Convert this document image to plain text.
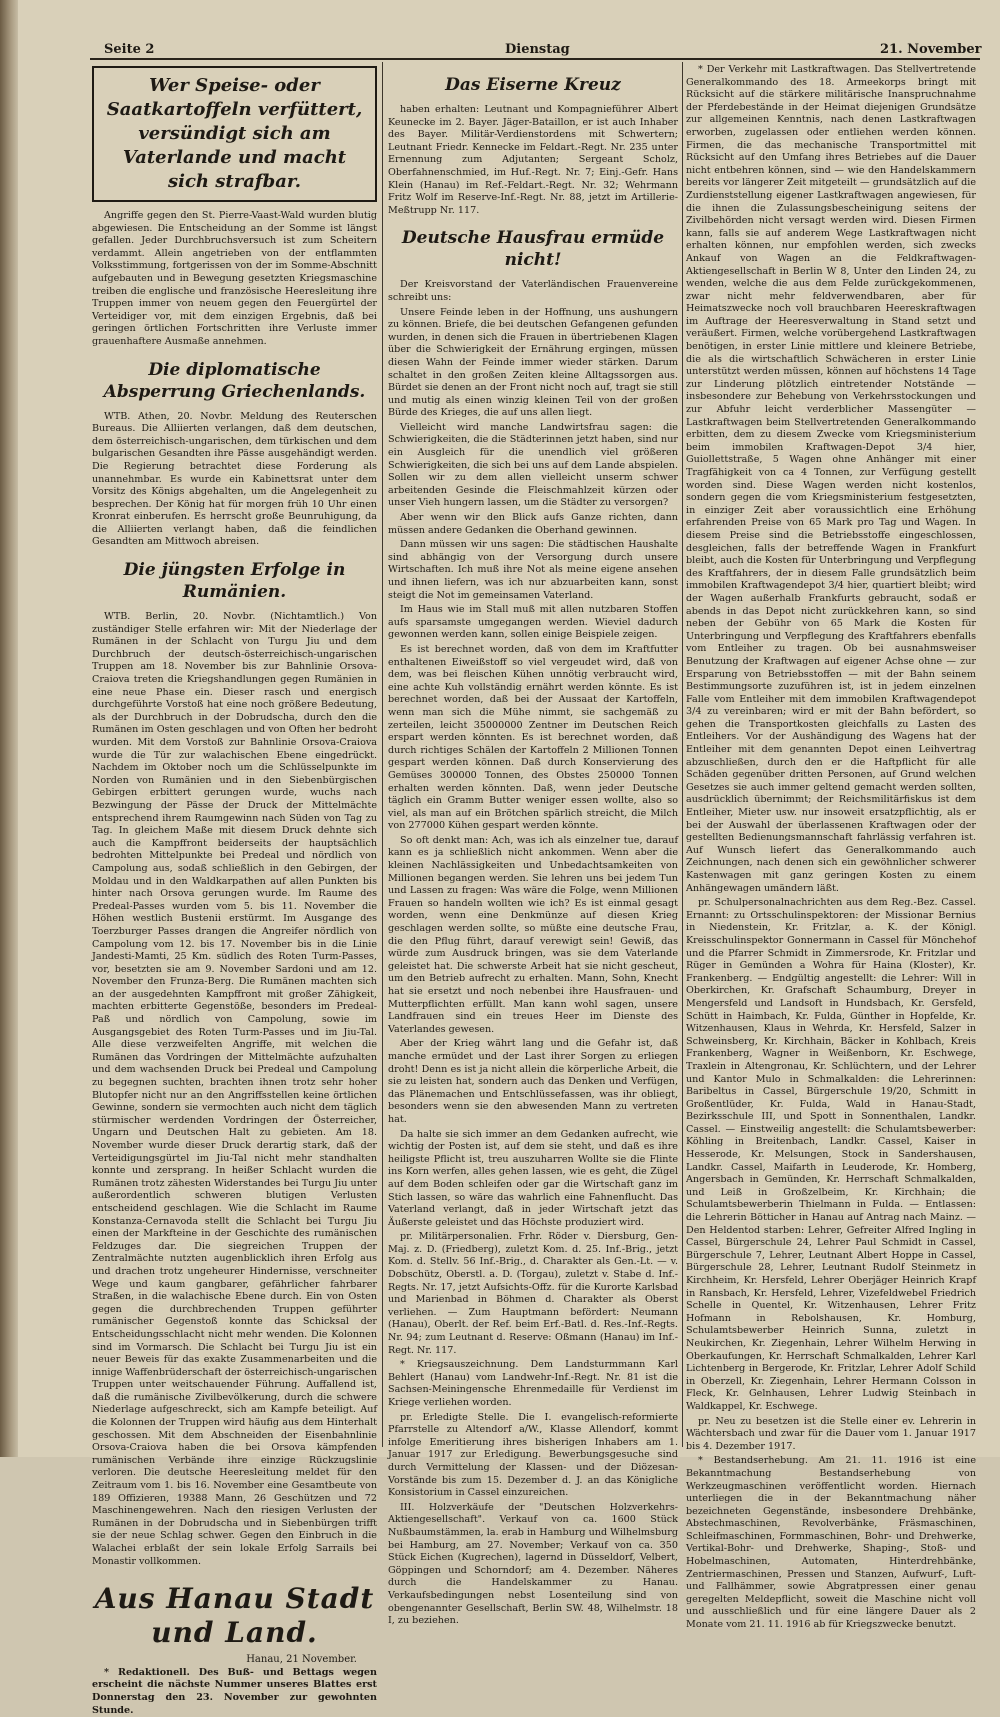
Seite 2	Dienstag	21. November
Wer Speise- oder Saatkartoffeln verfüttert, versündigt sich am Vaterlande und macht sich strafbar.

Angriffe gegen den St. Pierre-Vaast-Wald wurden blutig abgewiesen. Die Entscheidung an der Somme ist längst gefallen. Jeder Durchbruchsversuch ist zum Scheitern verdammt. Allein angetrieben von der entflammten Volksstimmung, fortgerissen von der im Somme-Abschnitt aufgebauten und in Bewegung gesetzten Kriegsmaschine treiben die englische und französische Heeresleitung ihre Truppen immer von neuem gegen den Feuergürtel der Verteidiger vor, mit dem einzigen Ergebnis, daß bei geringen örtlichen Fortschritten ihre Verluste immer grauenhaftere Ausmaße annehmen.

Die diplomatische Absperrung Griechenlands.

WTB. Athen, 20. Novbr. Meldung des Reuterschen Bureaus. Die Alliierten verlangen, daß dem deutschen, dem österreichisch-ungarischen, dem türkischen und dem bulgarischen Gesandten ihre Pässe ausgehändigt werden. Die Regierung betrachtet diese Forderung als unannehmbar. Es wurde ein Kabinettsrat unter dem Vorsitz des Königs abgehalten, um die Angelegenheit zu besprechen. Der König hat für morgen früh 10 Uhr einen Kronrat einberufen. Es herrscht große Beunruhigung, da die Alliierten verlangt haben, daß die feindlichen Gesandten am Mittwoch abreisen.

Die jüngsten Erfolge in Rumänien.

WTB. Berlin, 20. Novbr. (Nichtamtlich.) Von zuständiger Stelle erfahren wir: Mit der Niederlage der Rumänen in der Schlacht von Turgu Jiu und dem Durchbruch der deutsch-österreichisch-ungarischen Truppen am 18. November bis zur Bahnlinie Orsova-Craiova treten die Kriegshandlungen gegen Rumänien in eine neue Phase ein. Dieser rasch und energisch durchgeführte Vorstoß hat eine noch größere Bedeutung, als der Durchbruch in der Dobrudscha, durch den die Rumänen im Osten geschlagen und von Often her bedroht wurden. Mit dem Vorstoß zur Bahnlinie Orsova-Craiova wurde die Tür zur walachischen Ebene eingedrückt. Nachdem im Oktober noch um die Schlüsselpunkte im Norden von Rumänien und in den Siebenbürgischen Gebirgen erbittert gerungen wurde, wuchs nach Bezwingung der Pässe der Druck der Mittelmächte entsprechend ihrem Raumgewinn nach Süden von Tag zu Tag. In gleichem Maße mit diesem Druck dehnte sich auch die Kampffront beiderseits der hauptsächlich bedrohten Mittelpunkte bei Predeal und nördlich von Campolung aus, sodaß schließlich in den Gebirgen, der Moldau und in den Waldkarpathen auf allen Punkten bis hinter nach Orsova gerungen wurde. Im Raume des Predeal-Passes wurden vom 5. bis 11. November die Höhen westlich Bustenii erstürmt. Im Ausgange des Toerzburger Passes drangen die Angreifer nördlich von Campolung vom 12. bis 17. November bis in die Linie Jandesti-Mamti, 25 Km. südlich des Roten Turm-Passes, vor, besetzten sie am 9. November Sardoni und am 12. November den Frunza-Berg. Die Rumänen machten sich an der ausgedehnten Kampffront mit großer Zähigkeit, machten erbitterte Gegenstöße, besonders im Predeal-Paß und nördlich von Campolung, sowie im Ausgangsgebiet des Roten Turm-Passes und im Jiu-Tal. Alle diese verzweifelten Angriffe, mit welchen die Rumänen das Vordringen der Mittelmächte aufzuhalten und dem wachsenden Druck bei Predeal und Campolung zu begegnen suchten, brachten ihnen trotz sehr hoher Blutopfer nicht nur an den Angriffsstellen keine örtlichen Gewinne, sondern sie vermochten auch nicht dem täglich stürmischer werdenden Vordringen der Österreicher, Ungarn und Deutschen Halt zu gebieten. Am 18. November wurde dieser Druck derartig stark, daß der Verteidigungsgürtel im Jiu-Tal nicht mehr standhalten konnte und zersprang. In heißer Schlacht wurden die Rumänen trotz zähesten Widerstandes bei Turgu Jiu unter außerordentlich schweren blutigen Verlusten entscheidend geschlagen. Wie die Schlacht im Raume Konstanza-Cernavoda stellt die Schlacht bei Turgu Jiu einen der Markfteine in der Geschichte des rumänischen Feldzuges dar. Die siegreichen Truppen der Zentralmächte nutzten augenblicklich ihren Erfolg aus und drachen trotz ungeheurer Hindernisse, verschneiter Wege und kaum gangbarer, gefährlicher fahrbarer Straßen, in die walachische Ebene durch. Ein von Osten gegen die durchbrechenden Truppen geführter rumänischer Gegenstoß konnte das Schicksal der Entscheidungsschlacht nicht mehr wenden. Die Kolonnen sind im Vormarsch. Die Schlacht bei Turgu Jiu ist ein neuer Beweis für das exakte Zusammenarbeiten und die innige Waffenbrüderschaft der österreichisch-ungarischen Truppen unter weitschauender Führung. Auffallend ist, daß die rumänische Zivilbevölkerung, durch die schwere Niederlage aufgeschreckt, sich am Kampfe beteiligt. Auf die Kolonnen der Truppen wird häufig aus dem Hinterhalt geschossen. Mit dem Abschneiden der Eisenbahnlinie Orsova-Craiova haben die bei Orsova kämpfenden rumänischen Verbände ihre einzige Rückzugslinie verloren. Die deutsche Heeresleitung meldet für den Zeitraum vom 1. bis 16. November eine Gesamtbeute von 189 Offizieren, 19388 Mann, 26 Geschützen und 72 Maschinengewehren. Nach den riesigen Verlusten der Rumänen in der Dobrudscha und in Siebenbürgen trifft sie der neue Schlag schwer. Gegen den Einbruch in die Walachei erblaßt der sein lokale Erfolg Sarrails bei Monastir vollkommen.

Aus Hanau Stadt und Land.
Hanau, 21 November.

* Redaktionell. Des Buß- und Bettags wegen erscheint die nächste Nummer unseres Blattes erst Donnerstag den 23. November zur gewohnten Stunde.

Das Eiserne Kreuz

haben erhalten: Leutnant und Kompagnieführer Albert Keunecke im 2. Bayer. Jäger-Bataillon, er ist auch Inhaber des Bayer. Militär-Verdienstordens mit Schwertern; Leutnant Friedr. Kennecke im Feldart.-Regt. Nr. 235 unter Ernennung zum Adjutanten; Sergeant Scholz, Oberfahnenschmied, im Huf.-Regt. Nr. 7; Einj.-Gefr. Hans Klein (Hanau) im Ref.-Feldart.-Regt. Nr. 32; Wehrmann Fritz Wolf im Reserve-Inf.-Regt. Nr. 88, jetzt im Artillerie-Meßtrupp Nr. 117.

Deutsche Hausfrau ermüde nicht!

Der Kreisvorstand der Vaterländischen Frauenvereine schreibt uns:

Unsere Feinde leben in der Hoffnung, uns aushungern zu können. Briefe, die bei deutschen Gefangenen gefunden wurden, in denen sich die Frauen in übertriebenen Klagen über die Schwierigkeit der Ernährung ergingen, müssen diesen Wahn der Feinde immer wieder stärken. Darum schaltet in den großen Zeiten kleine Alltagssorgen aus. Bürdet sie denen an der Front nicht noch auf, tragt sie still und mutig als einen winzig kleinen Teil von der großen Bürde des Krieges, die auf uns allen liegt.

Vielleicht wird manche Landwirtsfrau sagen: die Schwierigkeiten, die die Städterinnen jetzt haben, sind nur ein Ausgleich für die unendlich viel größeren Schwierigkeiten, die sich bei uns auf dem Lande abspielen. Sollen wir zu dem allen vielleicht unserm schwer arbeitenden Gesinde die Fleischmahlzeit kürzen oder unser Vieh hungern lassen, um die Städter zu versorgen?

Aber wenn wir den Blick aufs Ganze richten, dann müssen andere Gedanken die Oberhand gewinnen.

Dann müssen wir uns sagen: Die städtischen Haushalte sind abhängig von der Versorgung durch unsere Wirtschaften. Ich muß ihre Not als meine eigene ansehen und ihnen liefern, was ich nur abzuarbeiten kann, sonst steigt die Not im gemeinsamen Vaterland.

Im Haus wie im Stall muß mit allen nutzbaren Stoffen aufs sparsamste umgegangen werden. Wieviel dadurch gewonnen werden kann, sollen einige Beispiele zeigen.

Es ist berechnet worden, daß von dem im Kraftfutter enthaltenen Eiweißstoff so viel vergeudet wird, daß von dem, was bei fleischen Kühen unnötig verbraucht wird, eine achte Kuh vollständig ernährt werden könnte. Es ist berechnet worden, daß bei der Aussaat der Kartoffeln, wenn man sich die Mühe nimmt, sie sachgemäß zu zerteilen, leicht 35000000 Zentner im Deutschen Reich erspart werden könnten. Es ist berechnet worden, daß durch richtiges Schälen der Kartoffeln 2 Millionen Tonnen gespart werden können. Daß durch Konservierung des Gemüses 300000 Tonnen, des Obstes 250000 Tonnen erhalten werden könnten. Daß, wenn jeder Deutsche täglich ein Gramm Butter weniger essen wollte, also so viel, als man auf ein Brötchen spärlich streicht, die Milch von 277000 Kühen gespart werden könnte.

So oft denkt man: Ach, was ich als einzelner tue, darauf kann es ja schließlich nicht ankommen. Wenn aber die kleinen Nachlässigkeiten und Unbedachtsamkeiten von Millionen begangen werden. Sie lehren uns bei jedem Tun und Lassen zu fragen: Was wäre die Folge, wenn Millionen Frauen so handeln wollten wie ich? Es ist einmal gesagt worden, wenn eine Denkmünze auf diesen Krieg geschlagen werden sollte, so müßte eine deutsche Frau, die den Pflug führt, darauf verewigt sein! Gewiß, das würde zum Ausdruck bringen, was sie dem Vaterlande geleistet hat. Die schwerste Arbeit hat sie nicht gescheut, um den Betrieb aufrecht zu erhalten. Mann, Sohn, Knecht hat sie ersetzt und noch nebenbei ihre Hausfrauen- und Mutterpflichten erfüllt. Man kann wohl sagen, unsere Landfrauen sind ein treues Heer im Dienste des Vaterlandes gewesen.

Aber der Krieg währt lang und die Gefahr ist, daß manche ermüdet und der Last ihrer Sorgen zu erliegen droht! Denn es ist ja nicht allein die körperliche Arbeit, die sie zu leisten hat, sondern auch das Denken und Verfügen, das Plänemachen und Entschlüssefassen, was ihr obliegt, besonders wenn sie den abwesenden Mann zu vertreten hat.

Da halte sie sich immer an dem Gedanken aufrecht, wie wichtig der Posten ist, auf dem sie steht, und daß es ihre heiligste Pflicht ist, treu auszuharren Wollte sie die Flinte ins Korn werfen, alles gehen lassen, wie es geht, die Zügel auf dem Boden schleifen oder gar die Wirtschaft ganz im Stich lassen, so wäre das wahrlich eine Fahnenflucht. Das Vaterland verlangt, daß in jeder Wirtschaft jetzt das Äußerste geleistet und das Höchste produziert wird.

pr. Militärpersonalien. Frhr. Röder v. Diersburg, Gen-Maj. z. D. (Friedberg), zuletzt Kom. d. 25. Inf.-Brig., jetzt Kom. d. Stellv. 56 Inf.-Brig., d. Charakter als Gen.-Lt. — v. Dobschütz, Oberstl. a. D. (Torgau), zuletzt v. Stabe d. Inf.-Regts. Nr. 17, jetzt Aufsichts-Offz. für die Kurorte Karlsbad und Marienbad in Böhmen d. Charakter als Oberst verliehen. — Zum Hauptmann befördert: Neumann (Hanau), Oberlt. der Ref. beim Erf.-Batl. d. Res.-Inf.-Regts. Nr. 94; zum Leutnant d. Reserve: Oßmann (Hanau) im Inf.-Regt. Nr. 117.

* Kriegsauszeichnung. Dem Landsturmmann Karl Behlert (Hanau) vom Landwehr-Inf.-Regt. Nr. 81 ist die Sachsen-Meiningensche Ehrenmedaille für Verdienst im Kriege verliehen worden.

pr. Erledigte Stelle. Die I. evangelisch-reformierte Pfarrstelle zu Altendorf a/W., Klasse Allendorf, kommt infolge Emeritierung ihres bisherigen Inhabers am 1. Januar 1917 zur Erledigung. Bewerbungsgesuche sind durch Vermittelung der Klassen- und der Diözesan-Vorstände bis zum 15. Dezember d. J. an das Königliche Konsistorium in Cassel einzureichen.

III. Holzverkäufe der "Deutschen Holzverkehrs-Aktiengesellschaft". Verkauf von ca. 1600 Stück Nußbaumstämmen, la. erab in Hamburg und Wilhelmsburg bei Hamburg, am 27. November; Verkauf von ca. 350 Stück Eichen (Kugrechen), lagernd in Düsseldorf, Velbert, Göppingen und Schorndorf; am 4. Dezember. Näheres durch die Handelskammer zu Hanau. Verkaufsbedingungen nebst Losenteilung sind von obengenannter Gesellschaft, Berlin SW. 48, Wilhelmstr. 18 I, zu beziehen.

* Der Verkehr mit Lastkraftwagen. Das Stellvertretende Generalkommando des 18. Armeekorps bringt mit Rücksicht auf die stärkere militärische Inanspruchnahme der Pferdebestände in der Heimat diejenigen Grundsätze zur allgemeinen Kenntnis, nach denen Lastkraftwagen erworben, zugelassen oder entliehen werden können. Firmen, die das mechanische Transportmittel mit Rücksicht auf den Umfang ihres Betriebes auf die Dauer nicht entbehren können, sind — wie den Handelskammern bereits vor längerer Zeit mitgeteilt — grundsätzlich auf die Zurdienststellung eigener Lastkraftwagen angewiesen, für die ihnen die Zulassungsbescheinigung seitens der Zivilbehörden nicht versagt werden wird. Diesen Firmen kann, falls sie auf anderem Wege Lastkraftwagen nicht erhalten können, nur empfohlen werden, sich zwecks Ankauf von Wagen an die Feldkraftwagen-Aktiengesellschaft in Berlin W 8, Unter den Linden 24, zu wenden, welche die aus dem Felde zurückgekommenen, zwar nicht mehr feldverwendbaren, aber für Heimatszwecke noch voll brauchbaren Heereskraftwagen im Auftrage der Heeresverwaltung in Stand setzt und veräußert. Firmen, welche vorübergehend Lastkraftwagen benötigen, in erster Linie mittlere und kleinere Betriebe, die als die wirtschaftlich Schwächeren in erster Linie unterstützt werden müssen, können auf höchstens 14 Tage zur Linderung plötzlich eintretender Notstände — insbesondere zur Behebung von Verkehrsstockungen und zur Abfuhr leicht verderblicher Massengüter — Lastkraftwagen beim Stellvertretenden Generalkommando erbitten, dem zu diesem Zwecke vom Kriegsministerium beim immobilen Kraftwagen-Depot 3/4 hier, Guiollettstraße, 5 Wagen ohne Anhänger mit einer Tragfähigkeit von ca 4 Tonnen, zur Verfügung gestellt worden sind. Diese Wagen werden nicht kostenlos, sondern gegen die vom Kriegsministerium festgesetzten, in einziger Zeit aber voraussichtlich eine Erhöhung erfahrenden Preise von 65 Mark pro Tag und Wagen. In diesem Preise sind die Betriebsstoffe eingeschlossen, desgleichen, falls der betreffende Wagen in Frankfurt bleibt, auch die Kosten für Unterbringung und Verpflegung des Kraftfahrers, der in diesem Falle grundsätzlich beim immobilen Kraftwagendepot 3/4 hier, quartiert bleibt; wird der Wagen außerhalb Frankfurts gebraucht, sodaß er abends in das Depot nicht zurückkehren kann, so sind neben der Gebühr von 65 Mark die Kosten für Unterbringung und Verpflegung des Kraftfahrers ebenfalls vom Entleiher zu tragen. Ob bei ausnahmsweiser Benutzung der Kraftwagen auf eigener Achse ohne — zur Ersparung von Betriebsstoffen — mit der Bahn seinem Bestimmungsorte zuzuführen ist, ist in jedem einzelnen Falle vom Entleiher mit dem immobilen Kraftwagendepot 3/4 zu vereinbaren; wird er mit der Bahn befördert, so gehen die Transportkosten gleichfalls zu Lasten des Entleihers. Vor der Aushändigung des Wagens hat der Entleiher mit dem genannten Depot einen Leihvertrag abzuschließen, durch den er die Haftpflicht für alle Schäden gegenüber dritten Personen, auf Grund welchen Gesetzes sie auch immer geltend gemacht werden sollten, ausdrücklich übernimmt; der Reichsmilitärfiskus ist dem Entleiher, Mieter usw. nur insoweit ersatzpflichtig, als er bei der Auswahl der überlassenen Kraftwagen oder der gestellten Bedienungsmannschaft fahrlässig verfahren ist. Auf Wunsch liefert das Generalkommando auch Zeichnungen, nach denen sich ein gewöhnlicher schwerer Kastenwagen mit ganz geringen Kosten zu einem Anhängewagen umändern läßt.

pr. Schulpersonalnachrichten aus dem Reg.-Bez. Cassel. Ernannt: zu Ortsschulinspektoren: der Missionar Bernius in Niedenstein, Kr. Fritzlar, a. K. der Königl. Kreisschulinspektor Gonnermann in Cassel für Mönchehof und die Pfarrer Schmidt in Zimmersrode, Kr. Fritzlar und Rüger in Gemünden a Wohra für Haina (Kloster), Kr. Frankenberg. — Endgültig angestellt: die Lehrer: Will in Oberkirchen, Kr. Grafschaft Schaumburg, Dreyer in Mengersfeld und Landsoft in Hundsbach, Kr. Gersfeld, Schütt in Haimbach, Kr. Fulda, Günther in Hopfelde, Kr. Witzenhausen, Klaus in Wehrda, Kr. Hersfeld, Salzer in Schweinsberg, Kr. Kirchhain, Bäcker in Kohlbach, Kreis Frankenberg, Wagner in Weißenborn, Kr. Eschwege, Traxlein in Altengronau, Kr. Schlüchtern, und der Lehrer und Kantor Mulo in Schmalkalden: die Lehrerinnen: Baribeltus in Cassel, Bürgerschule 19/20, Schmitt in Großentlüder, Kr. Fulda, Wald in Hanau-Stadt, Bezirksschule III, und Spott in Sonnenthalen, Landkr. Cassel. — Einstweilig angestellt: die Schulamtsbewerber: Köhling in Breitenbach, Landkr. Cassel, Kaiser in Hesserode, Kr. Melsungen, Stock in Sandershausen, Landkr. Cassel, Maifarth in Leuderode, Kr. Homberg, Angersbach in Gemünden, Kr. Herrschaft Schmalkalden, und Leiß in Großzelbeim, Kr. Kirchhain; die Schulamtsbewerberin Thielmann in Fulda. — Entlassen: die Lehrerin Bötticher in Hanau auf Antrag nach Mainz. — Den Heldentod starben: Lehrer, Gefreiter Alfred Ingling in Cassel, Bürgerschule 24, Lehrer Paul Schmidt in Cassel, Bürgerschule 7, Lehrer, Leutnant Albert Hoppe in Cassel, Bürgerschule 28, Lehrer, Leutnant Rudolf Steinmetz in Kirchheim, Kr. Hersfeld, Lehrer Oberjäger Heinrich Krapf in Ransbach, Kr. Hersfeld, Lehrer, Vizefeldwebel Friedrich Schelle in Quentel, Kr. Witzenhausen, Lehrer Fritz Hofmann in Rebolshausen, Kr. Homburg, Schulamtsbewerber Heinrich Sunna, zuletzt in Neukirchen, Kr. Ziegenhain, Lehrer Wilhelm Herwing in Oberkaufungen, Kr. Herrschaft Schmalkalden, Lehrer Karl Lichtenberg in Bergerode, Kr. Fritzlar, Lehrer Adolf Schild in Oberzell, Kr. Ziegenhain, Lehrer Hermann Colsson in Fleck, Kr. Gelnhausen, Lehrer Ludwig Steinbach in Waldkappel, Kr. Eschwege.

pr. Neu zu besetzen ist die Stelle einer ev. Lehrerin in Wächtersbach und zwar für die Dauer vom 1. Januar 1917 bis 4. Dezember 1917.

* Bestandserhebung. Am 21. 11. 1916 ist eine Bekanntmachung Bestandserhebung von Werkzeugmaschinen veröffentlicht worden. Hiernach unterliegen die in der Bekanntmachung näher bezeichneten Gegenstände, insbesondere Drehbänke, Abstechmaschinen, Revolverbänke, Fräsmaschinen, Schleifmaschinen, Formmaschinen, Bohr- und Drehwerke, Vertikal-Bohr- und Drehwerke, Shaping-, Stoß- und Hobelmaschinen, Automaten, Hinterdrehbänke, Zentriermaschinen, Pressen und Stanzen, Aufwurf-, Luft- und Fallhämmer, sowie Abgratpressen einer genau geregelten Meldepflicht, soweit die Maschine nicht voll und ausschließlich und für eine längere Dauer als 2 Monate vom 21. 11. 1916 ab für Kriegszwecke benutzt.
